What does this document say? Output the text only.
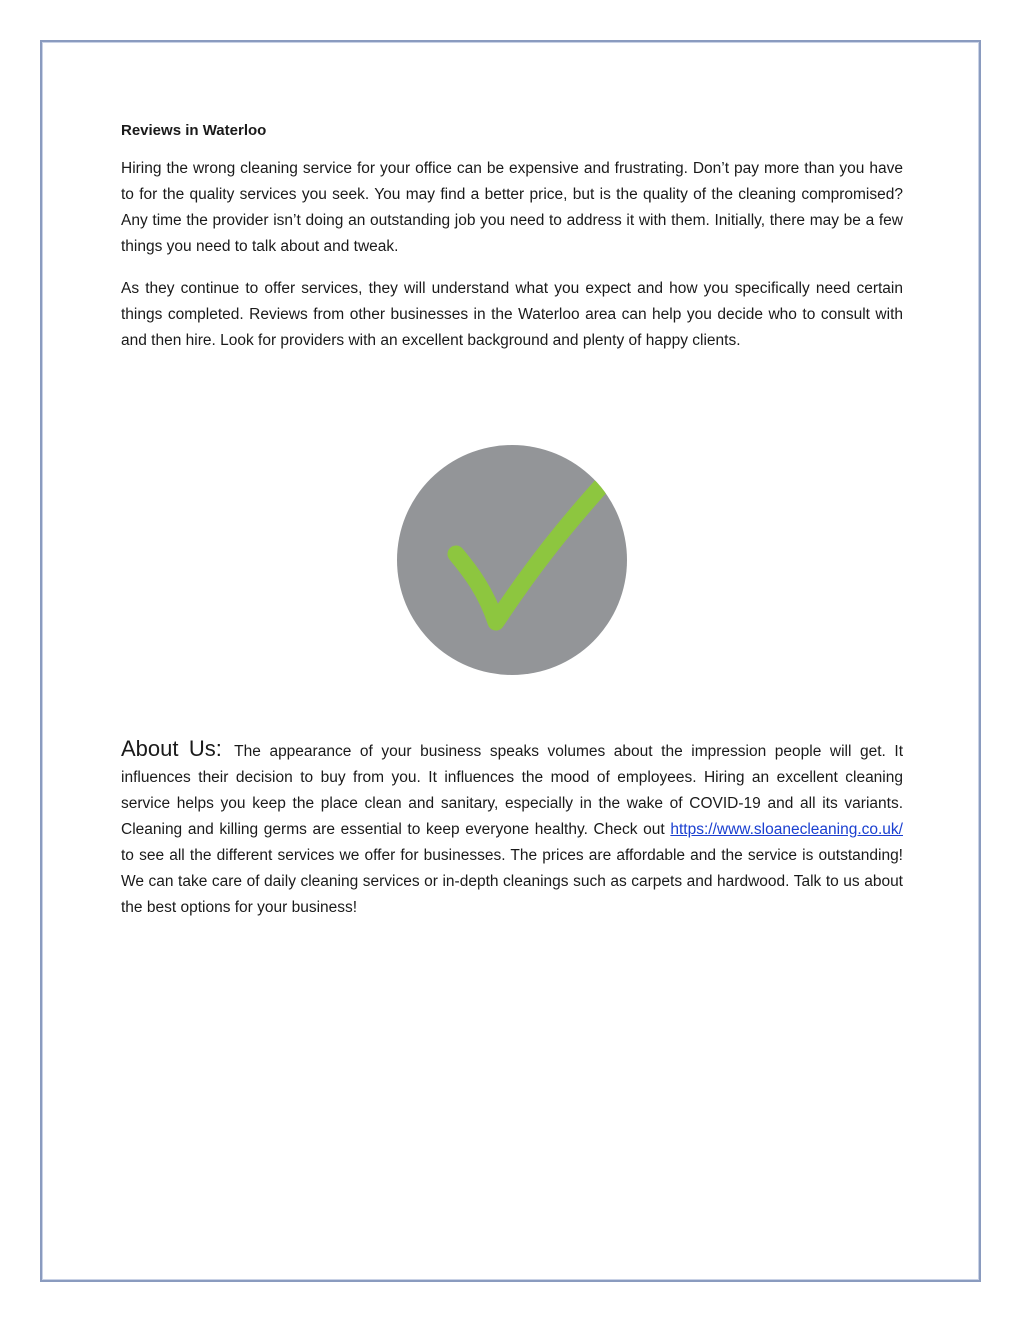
Reviews in Waterloo

Hiring the wrong cleaning service for your office can be expensive and frustrating. Don’t pay more than you have to for the quality services you seek. You may find a better price, but is the quality of the cleaning compromised? Any time the provider isn’t doing an outstanding job you need to address it with them. Initially, there may be a few things you need to talk about and tweak.

As they continue to offer services, they will understand what you expect and how you specifically need certain things completed. Reviews from other businesses in the Waterloo area can help you decide who to consult with and then hire. Look for providers with an excellent background and plenty of happy clients.

About Us: The appearance of your business speaks volumes about the impression people will get. It influences their decision to buy from you. It influences the mood of employees. Hiring an excellent cleaning service helps you keep the place clean and sanitary, especially in the wake of COVID-19 and all its variants. Cleaning and killing germs are essential to keep everyone healthy. Check out https://www.sloanecleaning.co.uk/ to see all the different services we offer for businesses. The prices are affordable and the service is outstanding! We can take care of daily cleaning services or in-depth cleanings such as carpets and hardwood. Talk to us about the best options for your business!
